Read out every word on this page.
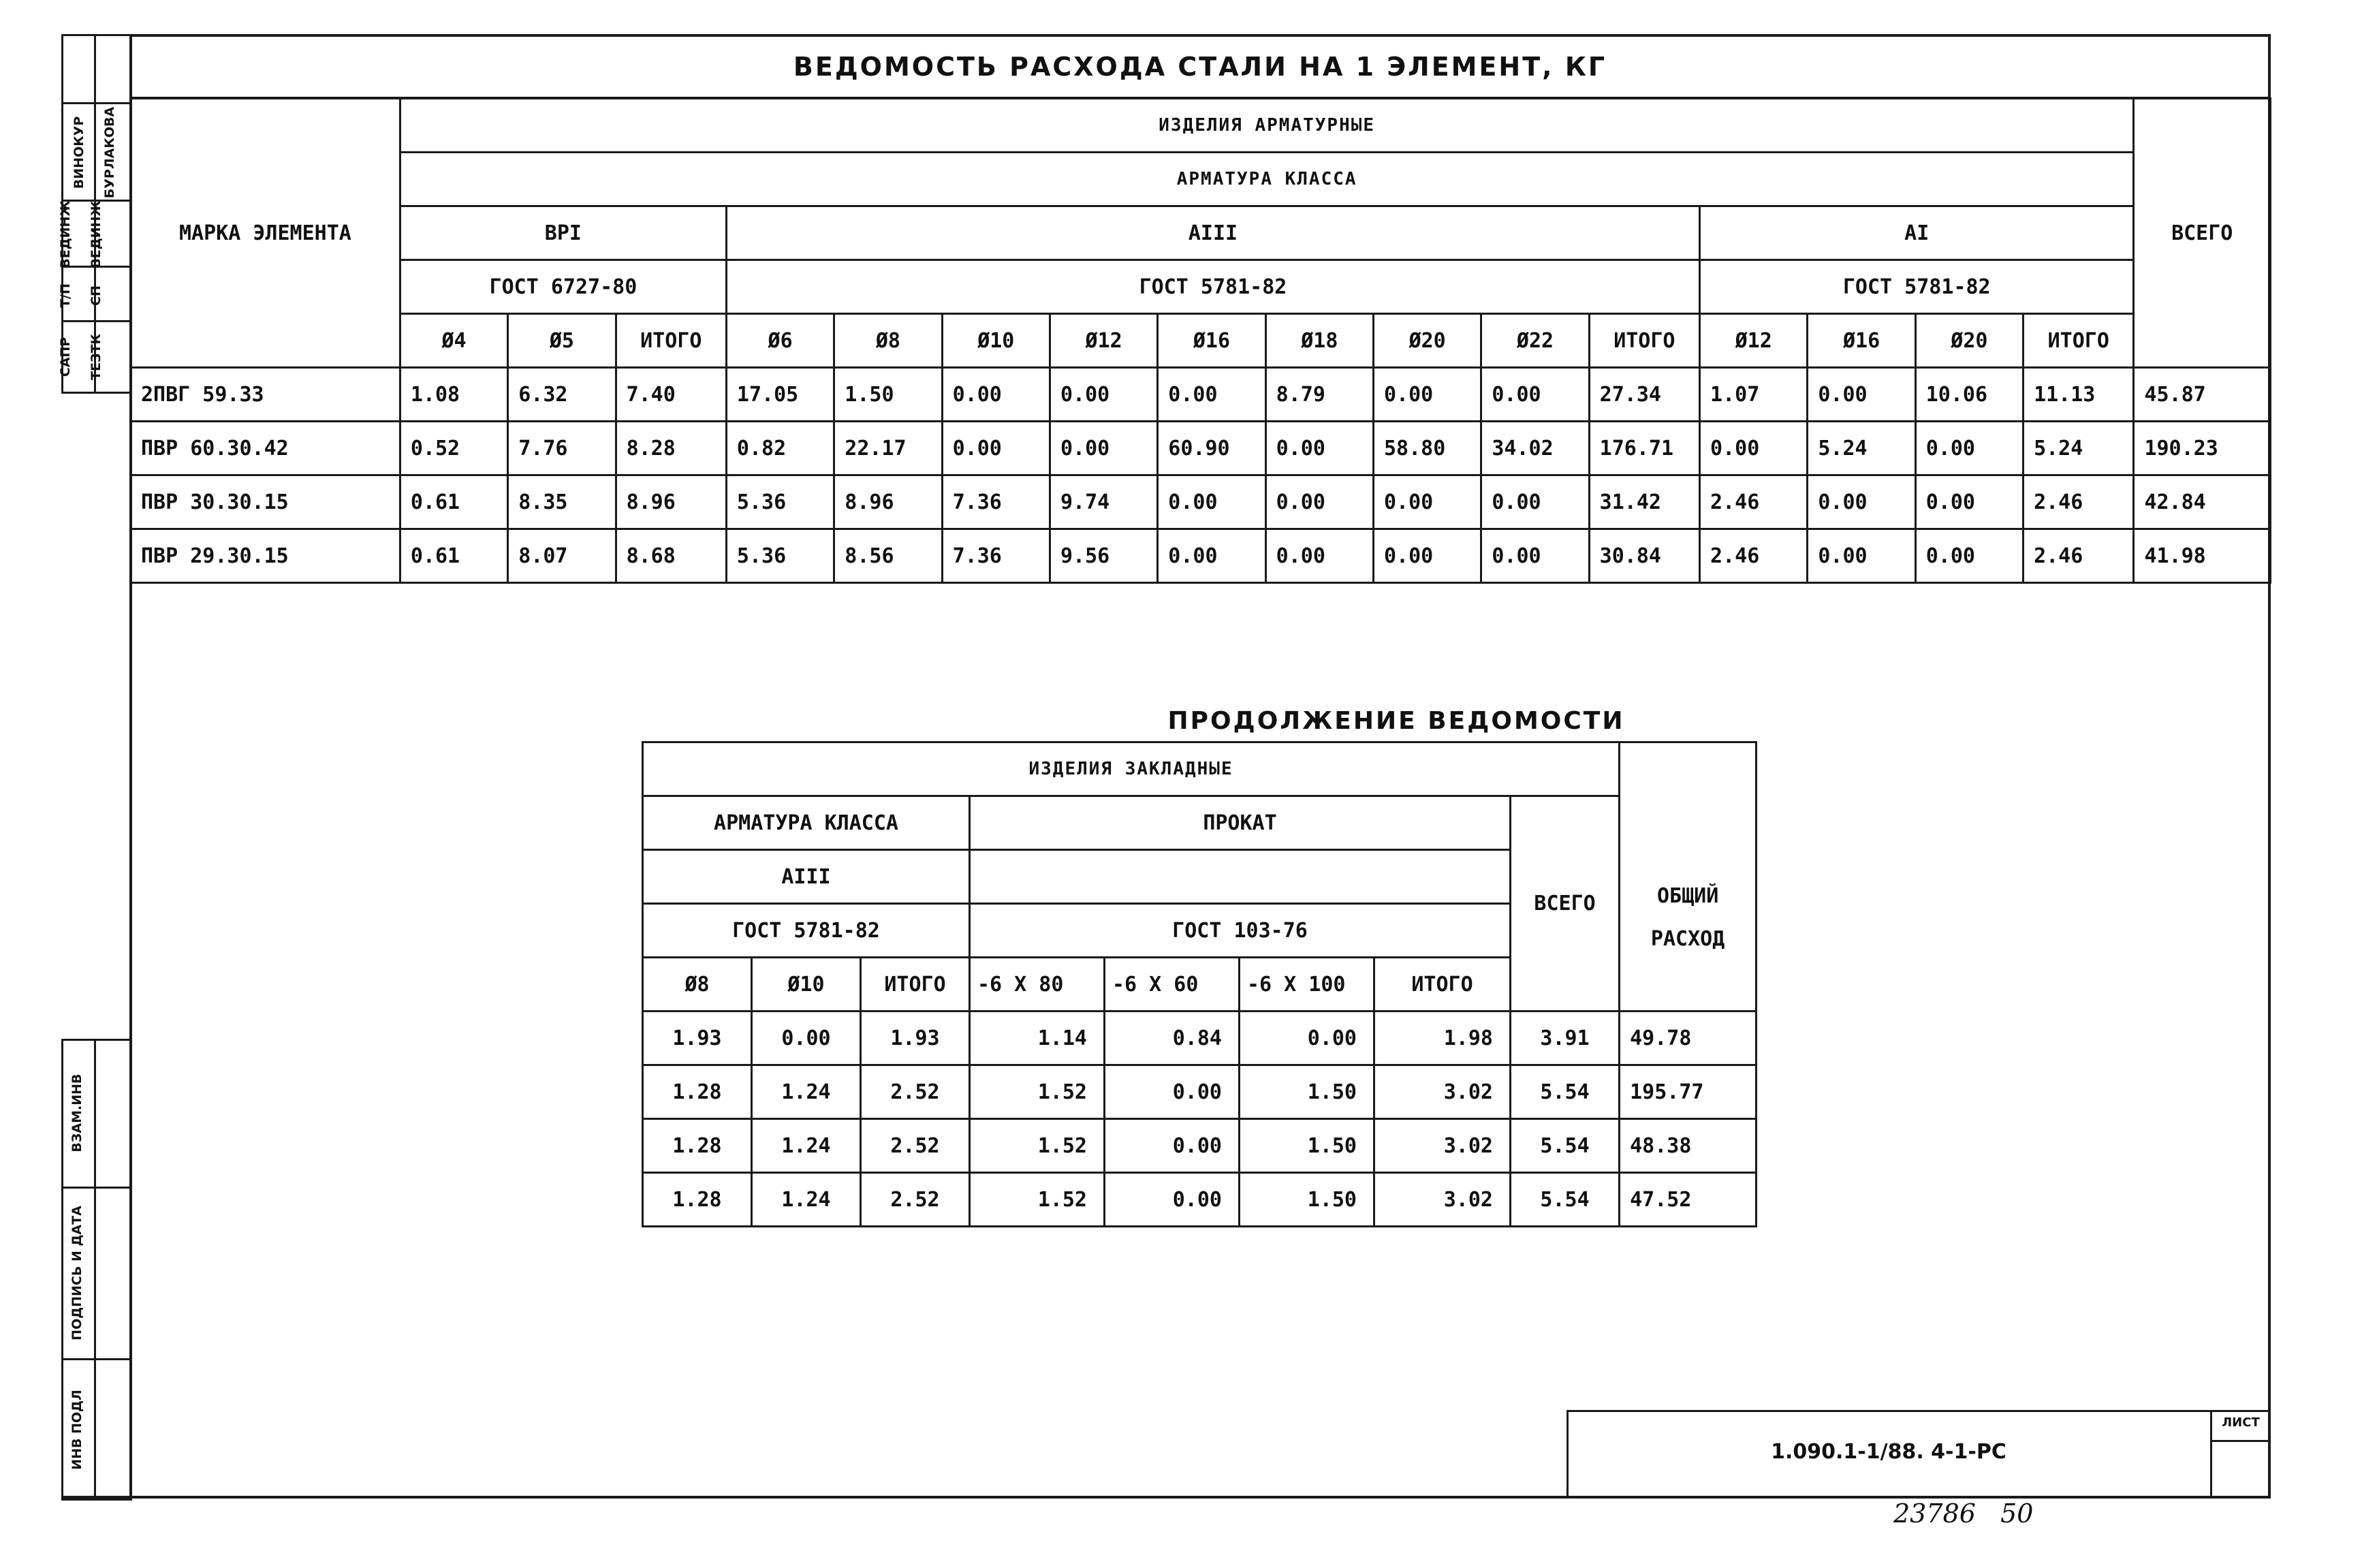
ВИНОКУР	БУРЛАКОВА
ВЕДИНЖ	ВЕДИНЖ
Т/П	СП
САПР	ТЕЗТК
ВЗАМ.ИНВ
ПОДПИСЬ И ДАТА
ИНВ ПОДЛ
ВЕДОМОСТЬ РАСХОДА СТАЛИ НА 1 ЭЛЕМЕНТ, КГ
МАРКА ЭЛЕМЕНТА	ИЗДЕЛИЯ АРМАТУРНЫЕ																ВСЕГО
	АРМАТУРА КЛАССА																
	ВРI			АIII									АI				
	ГОСТ 6727-80			ГОСТ 5781-82									ГОСТ 5781-82				
	Ø4	Ø5	ИТОГО	Ø6	Ø8	Ø10	Ø12	Ø16	Ø18	Ø20	Ø22	ИТОГО	Ø12	Ø16	Ø20	ИТОГО	
2ПВГ 59.33	1.08	6.32	7.40	17.05	1.50	0.00	0.00	0.00	8.79	0.00	0.00	27.34	1.07	0.00	10.06	11.13	45.87
ПВР 60.30.42	0.52	7.76	8.28	0.82	22.17	0.00	0.00	60.90	0.00	58.80	34.02	176.71	0.00	5.24	0.00	5.24	190.23
ПВР 30.30.15	0.61	8.35	8.96	5.36	8.96	7.36	9.74	0.00	0.00	0.00	0.00	31.42	2.46	0.00	0.00	2.46	42.84
ПВР 29.30.15	0.61	8.07	8.68	5.36	8.56	7.36	9.56	0.00	0.00	0.00	0.00	30.84	2.46	0.00	0.00	2.46	41.98
ПРОДОЛЖЕНИЕ ВЕДОМОСТИ
ИЗДЕЛИЯ ЗАКЛАДНЫЕ								ОБЩИЙ
РАСХОД

АРМАТУРА КЛАССА			ПРОКАТ				ВСЕГО	
АIII								
ГОСТ 5781-82			ГОСТ 103-76					
Ø8	Ø10	ИТОГО	-6 Х 80	-6 Х 60	-6 Х 100	ИТОГО		
1.93	0.00	1.93	1.14	0.84	0.00	1.98	3.91	49.78
1.28	1.24	2.52	1.52	0.00	1.50	3.02	5.54	195.77
1.28	1.24	2.52	1.52	0.00	1.50	3.02	5.54	48.38
1.28	1.24	2.52	1.52	0.00	1.50	3.02	5.54	47.52
ЛИСТ
1.090.1-1/88. 4-1-РС
23786   50
